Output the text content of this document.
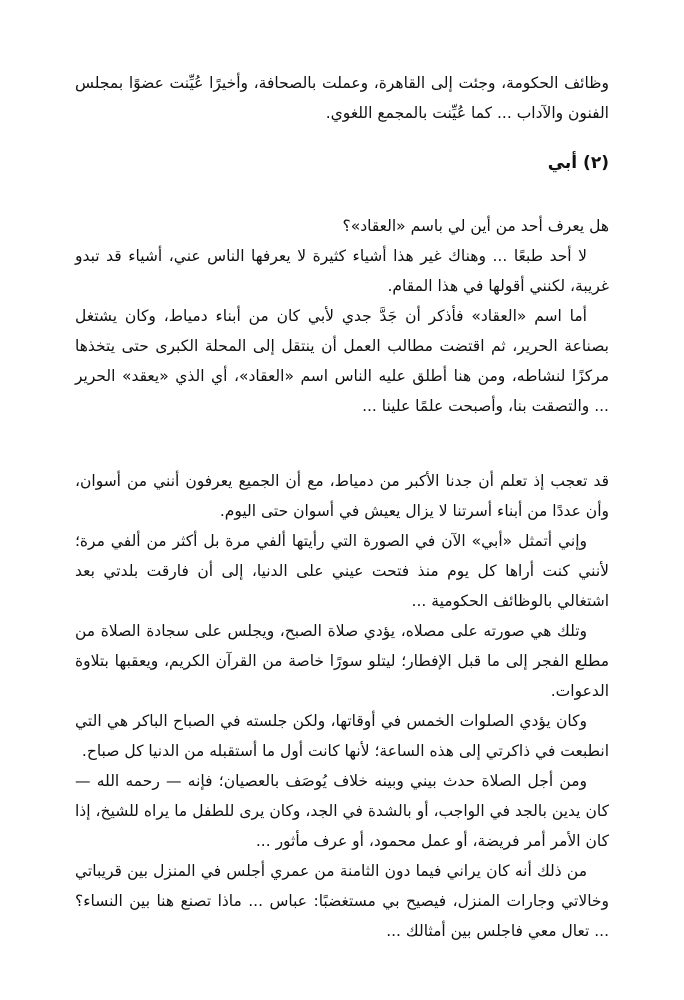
وظائف الحكومة، وجئت إلى القاهرة، وعملت بالصحافة، وأخيرًا عُيِّنت عضوًا بمجلس الفنون والآداب ... كما عُيِّنت بالمجمع اللغوي.

(٢) أبي

هل يعرف أحد من أين لي باسم «العقاد»؟

لا أحد طبعًا ... وهناك غير هذا أشياء كثيرة لا يعرفها الناس عني، أشياء قد تبدو غريبة، لكنني أقولها في هذا المقام.

أما اسم «العقاد» فأذكر أن جَدَّ جدي لأبي كان من أبناء دمياط، وكان يشتغل بصناعة الحرير، ثم اقتضت مطالب العمل أن ينتقل إلى المحلة الكبرى حتى يتخذها مركزًا لنشاطه، ومن هنا أطلق عليه الناس اسم «العقاد»، أي الذي «يعقد» الحرير ... والتصقت بنا، وأصبحت علمًا علينا ...

قد تعجب إذ تعلم أن جدنا الأكبر من دمياط، مع أن الجميع يعرفون أنني من أسوان، وأن عددًا من أبناء أسرتنا لا يزال يعيش في أسوان حتى اليوم.

وإني أتمثل «أبي» الآن في الصورة التي رأيتها ألفي مرة بل أكثر من ألفي مرة؛ لأنني كنت أراها كل يوم منذ فتحت عيني على الدنيا، إلى أن فارقت بلدتي بعد اشتغالي بالوظائف الحكومية ...

وتلك هي صورته على مصلاه، يؤدي صلاة الصبح، ويجلس على سجادة الصلاة من مطلع الفجر إلى ما قبل الإفطار؛ ليتلو سورًا خاصة من القرآن الكريم، ويعقبها بتلاوة الدعوات.

وكان يؤدي الصلوات الخمس في أوقاتها، ولكن جلسته في الصباح الباكر هي التي انطبعت في ذاكرتي إلى هذه الساعة؛ لأنها كانت أول ما أستقبله من الدنيا كل صباح.

ومن أجل الصلاة حدث بيني وبينه خلاف يُوصَف بالعصيان؛ فإنه — رحمه الله — كان يدين بالجد في الواجب، أو بالشدة في الجد، وكان يرى للطفل ما يراه للشيخ، إذا كان الأمر أمر فريضة، أو عمل محمود، أو عرف مأثور ...

من ذلك أنه كان يراني فيما دون الثامنة من عمري أجلس في المنزل بين قريباتي وخالاتي وجارات المنزل، فيصيح بي مستغضبًا: عباس ... ماذا تصنع هنا بين النساء؟ ... تعال معي فاجلس بين أمثالك ...
